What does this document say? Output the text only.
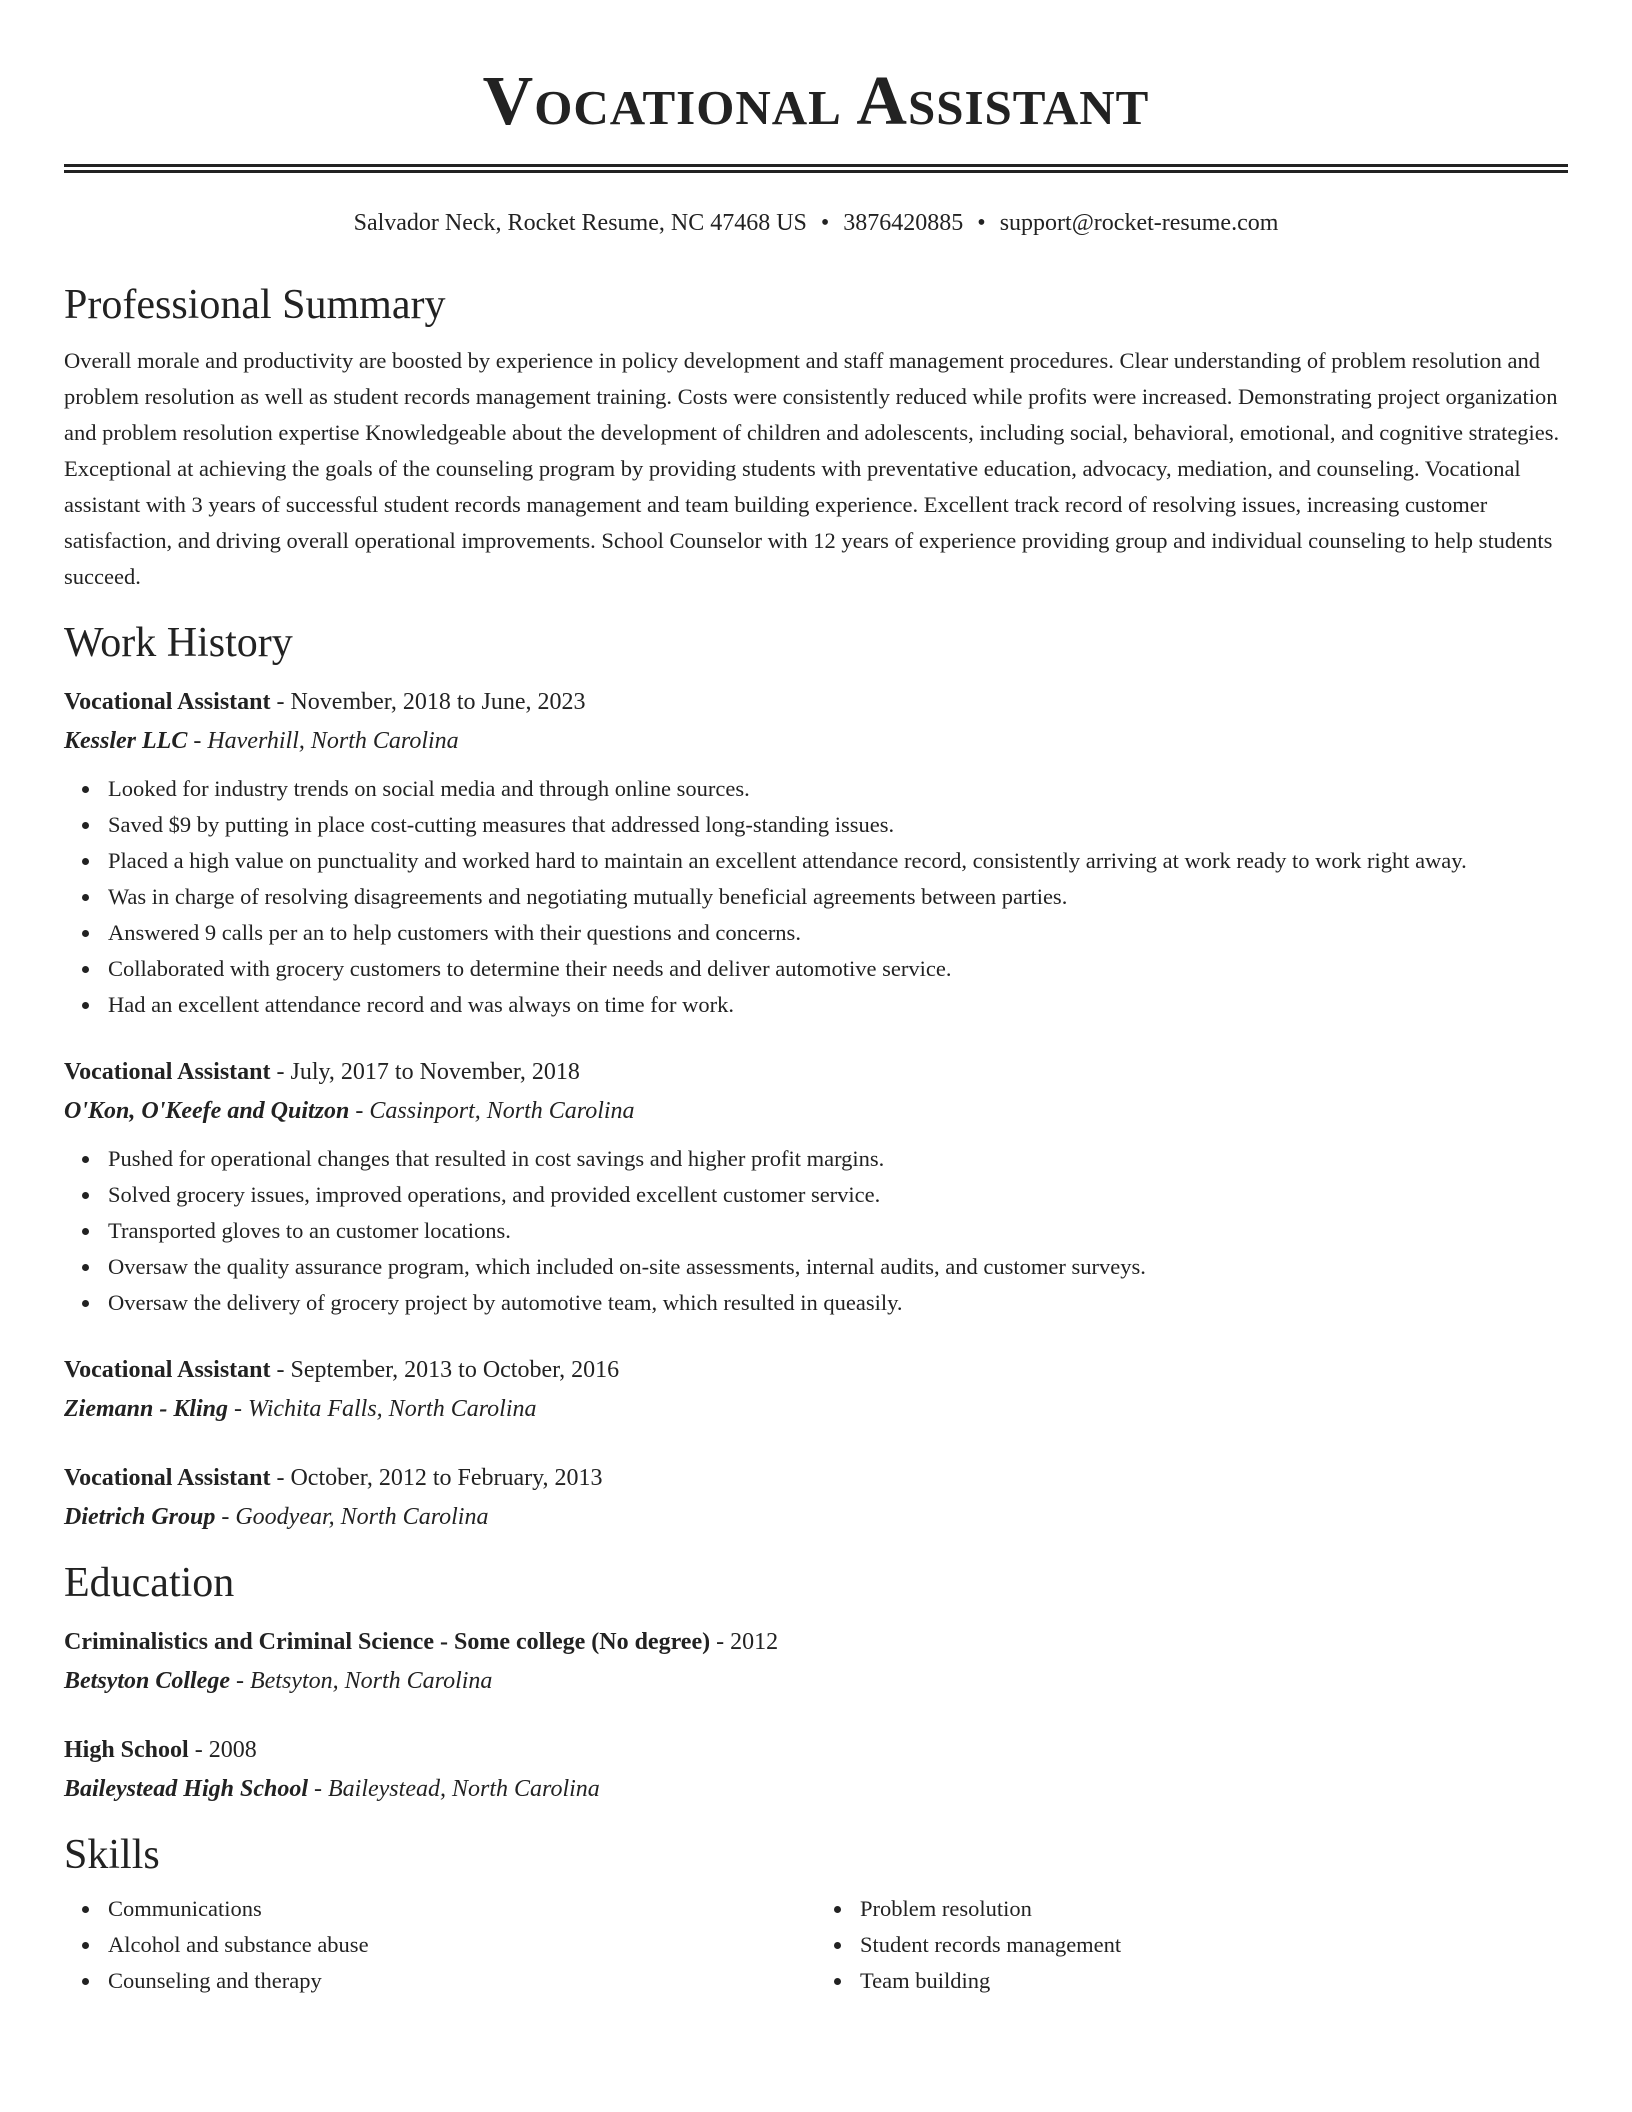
Vocational Assistant
Salvador Neck, Rocket Resume, NC 47468 US • 3876420885 • support@rocket-resume.com
Professional Summary

Overall morale and productivity are boosted by experience in policy development and staff management procedures. Clear understanding of problem resolution and problem resolution as well as student records management training. Costs were consistently reduced while profits were increased. Demonstrating project organization and problem resolution expertise Knowledgeable about the development of children and adolescents, including social, behavioral, emotional, and cognitive strategies. Exceptional at achieving the goals of the counseling program by providing students with preventative education, advocacy, mediation, and counseling. Vocational assistant with 3 years of successful student records management and team building experience. Excellent track record of resolving issues, increasing customer satisfaction, and driving overall operational improvements. School Counselor with 12 years of experience providing group and individual counseling to help students succeed.

Work History
Vocational Assistant - November, 2018 to June, 2023
Kessler LLC - Haverhill, North Carolina
Looked for industry trends on social media and through online sources.
Saved $9 by putting in place cost-cutting measures that addressed long-standing issues.
Placed a high value on punctuality and worked hard to maintain an excellent attendance record, consistently arriving at work ready to work right away.
Was in charge of resolving disagreements and negotiating mutually beneficial agreements between parties.
Answered 9 calls per an to help customers with their questions and concerns.
Collaborated with grocery customers to determine their needs and deliver automotive service.
Had an excellent attendance record and was always on time for work.
Vocational Assistant - July, 2017 to November, 2018
O'Kon, O'Keefe and Quitzon - Cassinport, North Carolina
Pushed for operational changes that resulted in cost savings and higher profit margins.
Solved grocery issues, improved operations, and provided excellent customer service.
Transported gloves to an customer locations.
Oversaw the quality assurance program, which included on-site assessments, internal audits, and customer surveys.
Oversaw the delivery of grocery project by automotive team, which resulted in queasily.
Vocational Assistant - September, 2013 to October, 2016
Ziemann - Kling - Wichita Falls, North Carolina
Vocational Assistant - October, 2012 to February, 2013
Dietrich Group - Goodyear, North Carolina
Education
Criminalistics and Criminal Science - Some college (No degree) - 2012
Betsyton College - Betsyton, North Carolina
High School - 2008
Baileystead High School - Baileystead, North Carolina
Skills
Communications
Alcohol and substance abuse
Counseling and therapy
Problem resolution
Student records management
Team building
